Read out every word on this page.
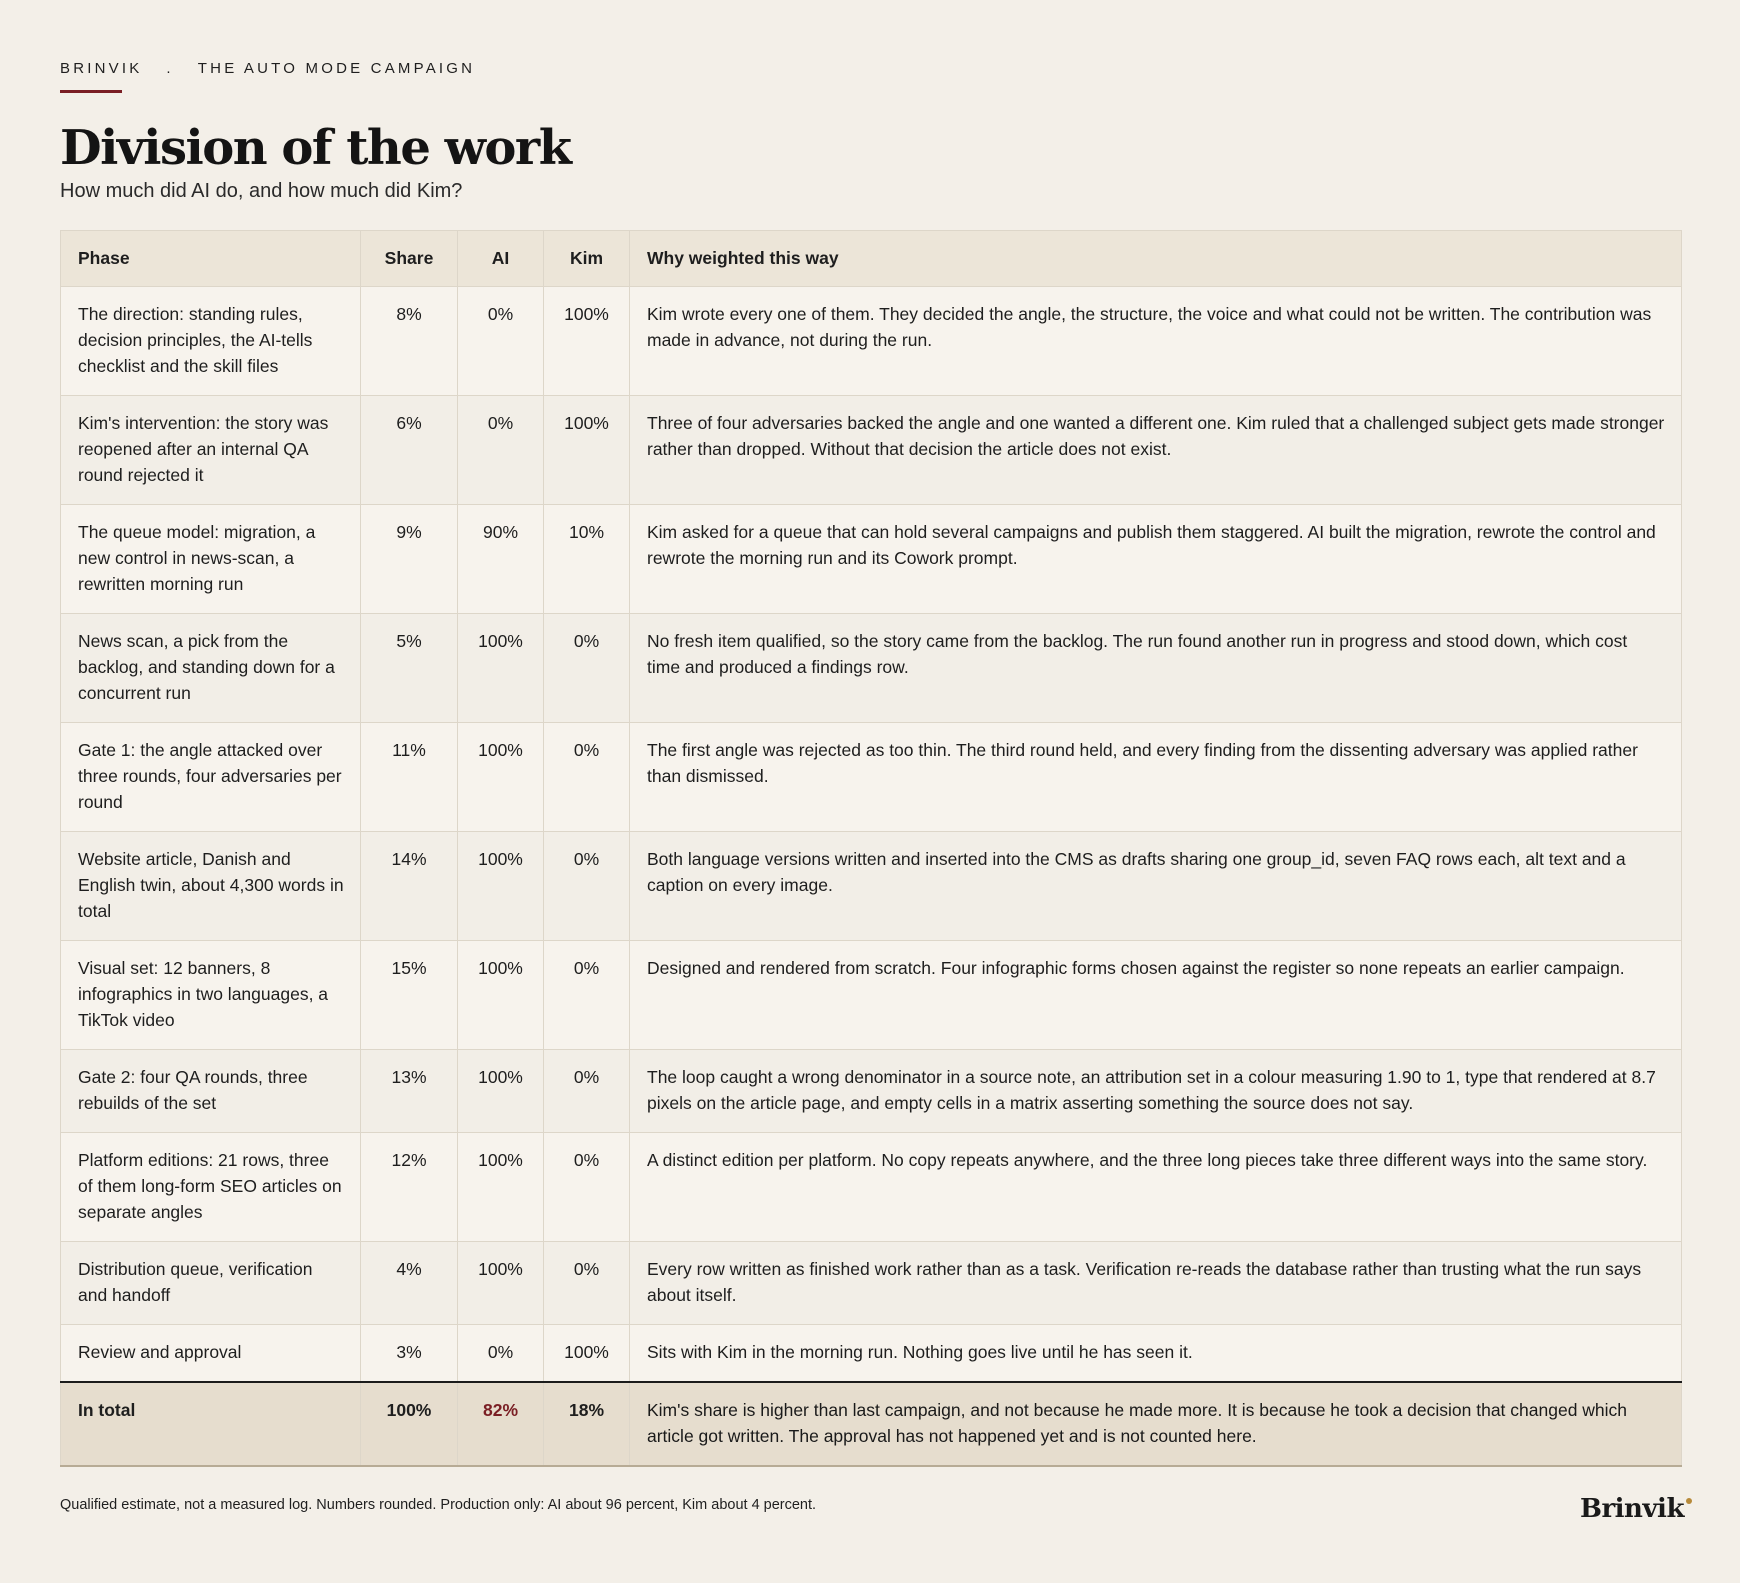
BRINVIK . THE AUTO MODE CAMPAIGN
Division of the work
How much did AI do, and how much did Kim?
Phase	Share	AI	Kim	Why weighted this way
The direction: standing rules, decision principles, the AI-tells checklist and the skill files	8%	0%	100%	Kim wrote every one of them. They decided the angle, the structure, the voice and what could not be written. The contribution was made in advance, not during the run.
Kim's intervention: the story was reopened after an internal QA round rejected it	6%	0%	100%	Three of four adversaries backed the angle and one wanted a different one. Kim ruled that a challenged subject gets made stronger rather than dropped. Without that decision the article does not exist.
The queue model: migration, a new control in news-scan, a rewritten morning run	9%	90%	10%	Kim asked for a queue that can hold several campaigns and publish them staggered. AI built the migration, rewrote the control and rewrote the morning run and its Cowork prompt.
News scan, a pick from the backlog, and standing down for a concurrent run	5%	100%	0%	No fresh item qualified, so the story came from the backlog. The run found another run in progress and stood down, which cost time and produced a findings row.
Gate 1: the angle attacked over three rounds, four adversaries per round	11%	100%	0%	The first angle was rejected as too thin. The third round held, and every finding from the dissenting adversary was applied rather than dismissed.
Website article, Danish and English twin, about 4,300 words in total	14%	100%	0%	Both language versions written and inserted into the CMS as drafts sharing one group_id, seven FAQ rows each, alt text and a caption on every image.
Visual set: 12 banners, 8 infographics in two languages, a TikTok video	15%	100%	0%	Designed and rendered from scratch. Four infographic forms chosen against the register so none repeats an earlier campaign.
Gate 2: four QA rounds, three rebuilds of the set	13%	100%	0%	The loop caught a wrong denominator in a source note, an attribution set in a colour measuring 1.90 to 1, type that rendered at 8.7 pixels on the article page, and empty cells in a matrix asserting something the source does not say.
Platform editions: 21 rows, three of them long-form SEO articles on separate angles	12%	100%	0%	A distinct edition per platform. No copy repeats anywhere, and the three long pieces take three different ways into the same story.
Distribution queue, verification and handoff	4%	100%	0%	Every row written as finished work rather than as a task. Verification re-reads the database rather than trusting what the run says about itself.
Review and approval	3%	0%	100%	Sits with Kim in the morning run. Nothing goes live until he has seen it.
In total	100%	82%	18%	Kim's share is higher than last campaign, and not because he made more. It is because he took a decision that changed which article got written. The approval has not happened yet and is not counted here.
Qualified estimate, not a measured log. Numbers rounded. Production only: AI about 96 percent, Kim about 4 percent.	Brinvik
